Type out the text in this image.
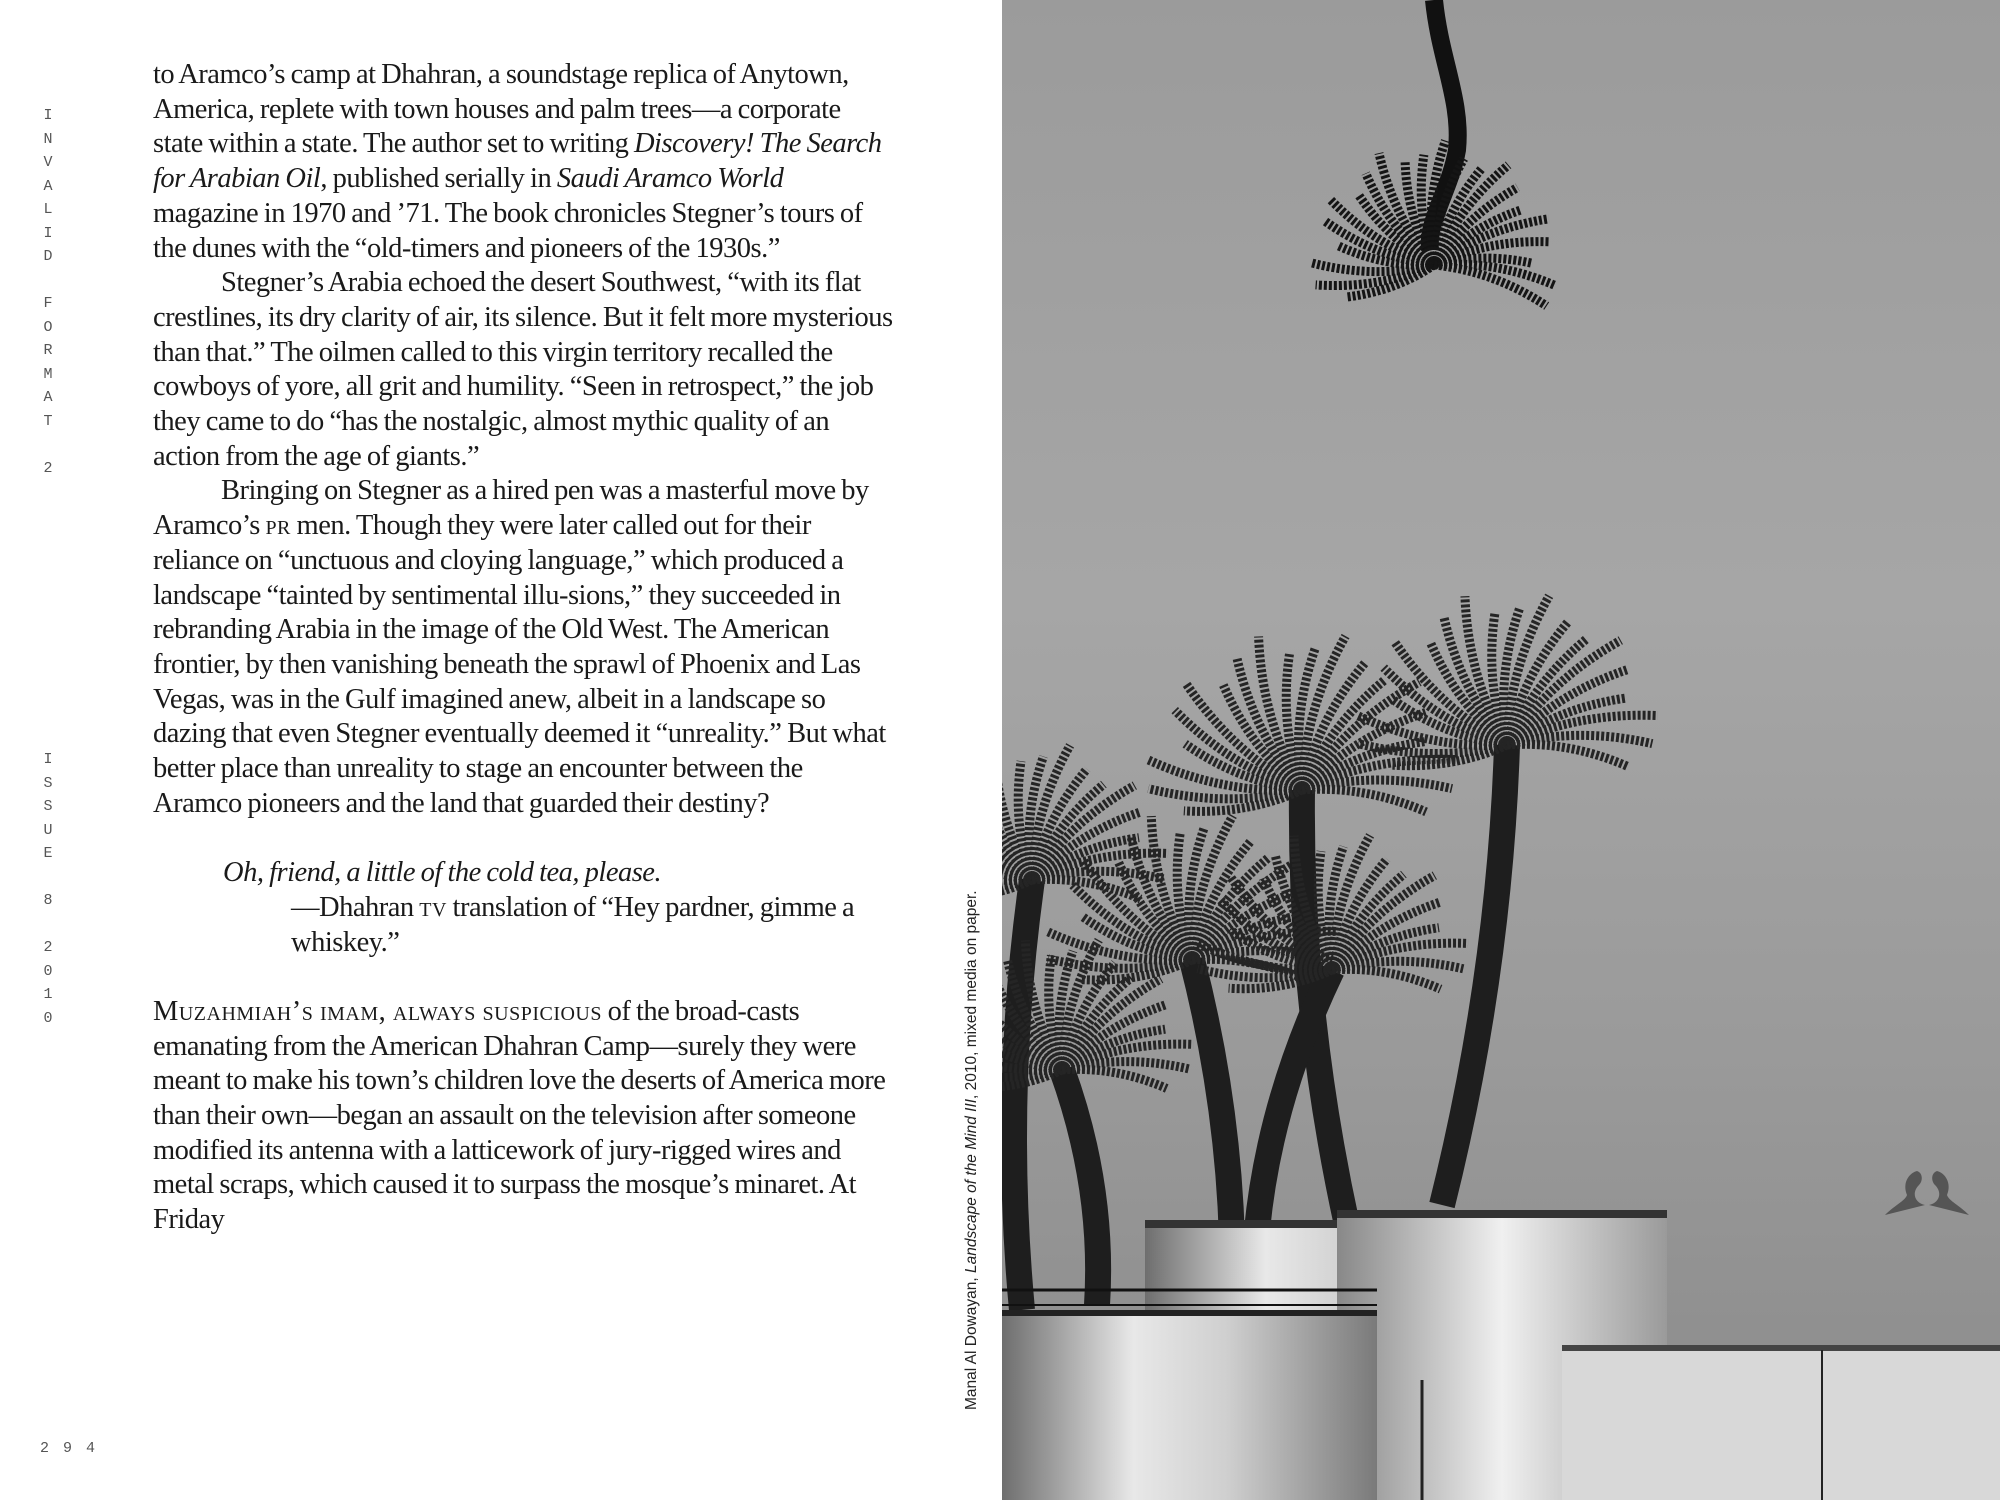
I
N
V
A
L
I
D
F
O
R
M
A
T
2
I
S
S
U
E
8
2
0
1
0
294

to Aramco’s camp at Dhahran, a soundstage replica of Anytown, America, replete with town houses and palm trees—a corporate state within a state. The author set to writing Discovery! The Search for Arabian Oil, published serially in Saudi Aramco World magazine in 1970 and ’71. The book chronicles Stegner’s tours of the dunes with the “old-timers and pioneers of the 1930s.”

Stegner’s Arabia echoed the desert Southwest, “with its flat crestlines, its dry clarity of air, its silence. But it felt more mysterious than that.” The oilmen called to this virgin territory recalled the cowboys of yore, all grit and humility. “Seen in retrospect,” the job they came to do “has the nostalgic, almost mythic quality of an action from the age of giants.”

Bringing on Stegner as a hired pen was a masterful move by Aramco’s pr men. Though they were later called out for their reliance on “unctuous and cloying language,” which produced a landscape “tainted by sentimental illu-sions,” they succeeded in rebranding Arabia in the image of the Old West. The American frontier, by then vanishing beneath the sprawl of Phoenix and Las Vegas, was in the Gulf imagined anew, albeit in a landscape so dazing that even Stegner eventually deemed it “unreality.” But what better place than unreality to stage an encounter between the Aramco pioneers and the land that guarded their destiny?

Oh, friend, a little of the cold tea, please.
—Dhahran tv translation of “Hey pardner, gimme a whiskey.”

Muzahmiah’s imam, always suspicious of the broad-casts emanating from the American Dhahran Camp—surely they were meant to make his town’s children love the deserts of America more than their own—began an assault on the television after someone modified its antenna with a latticework of jury-rigged wires and metal scraps, which caused it to surpass the mosque’s minaret. At Friday

Manal Al Dowayan, Landscape of the Mind III, 2010, mixed media on paper.
